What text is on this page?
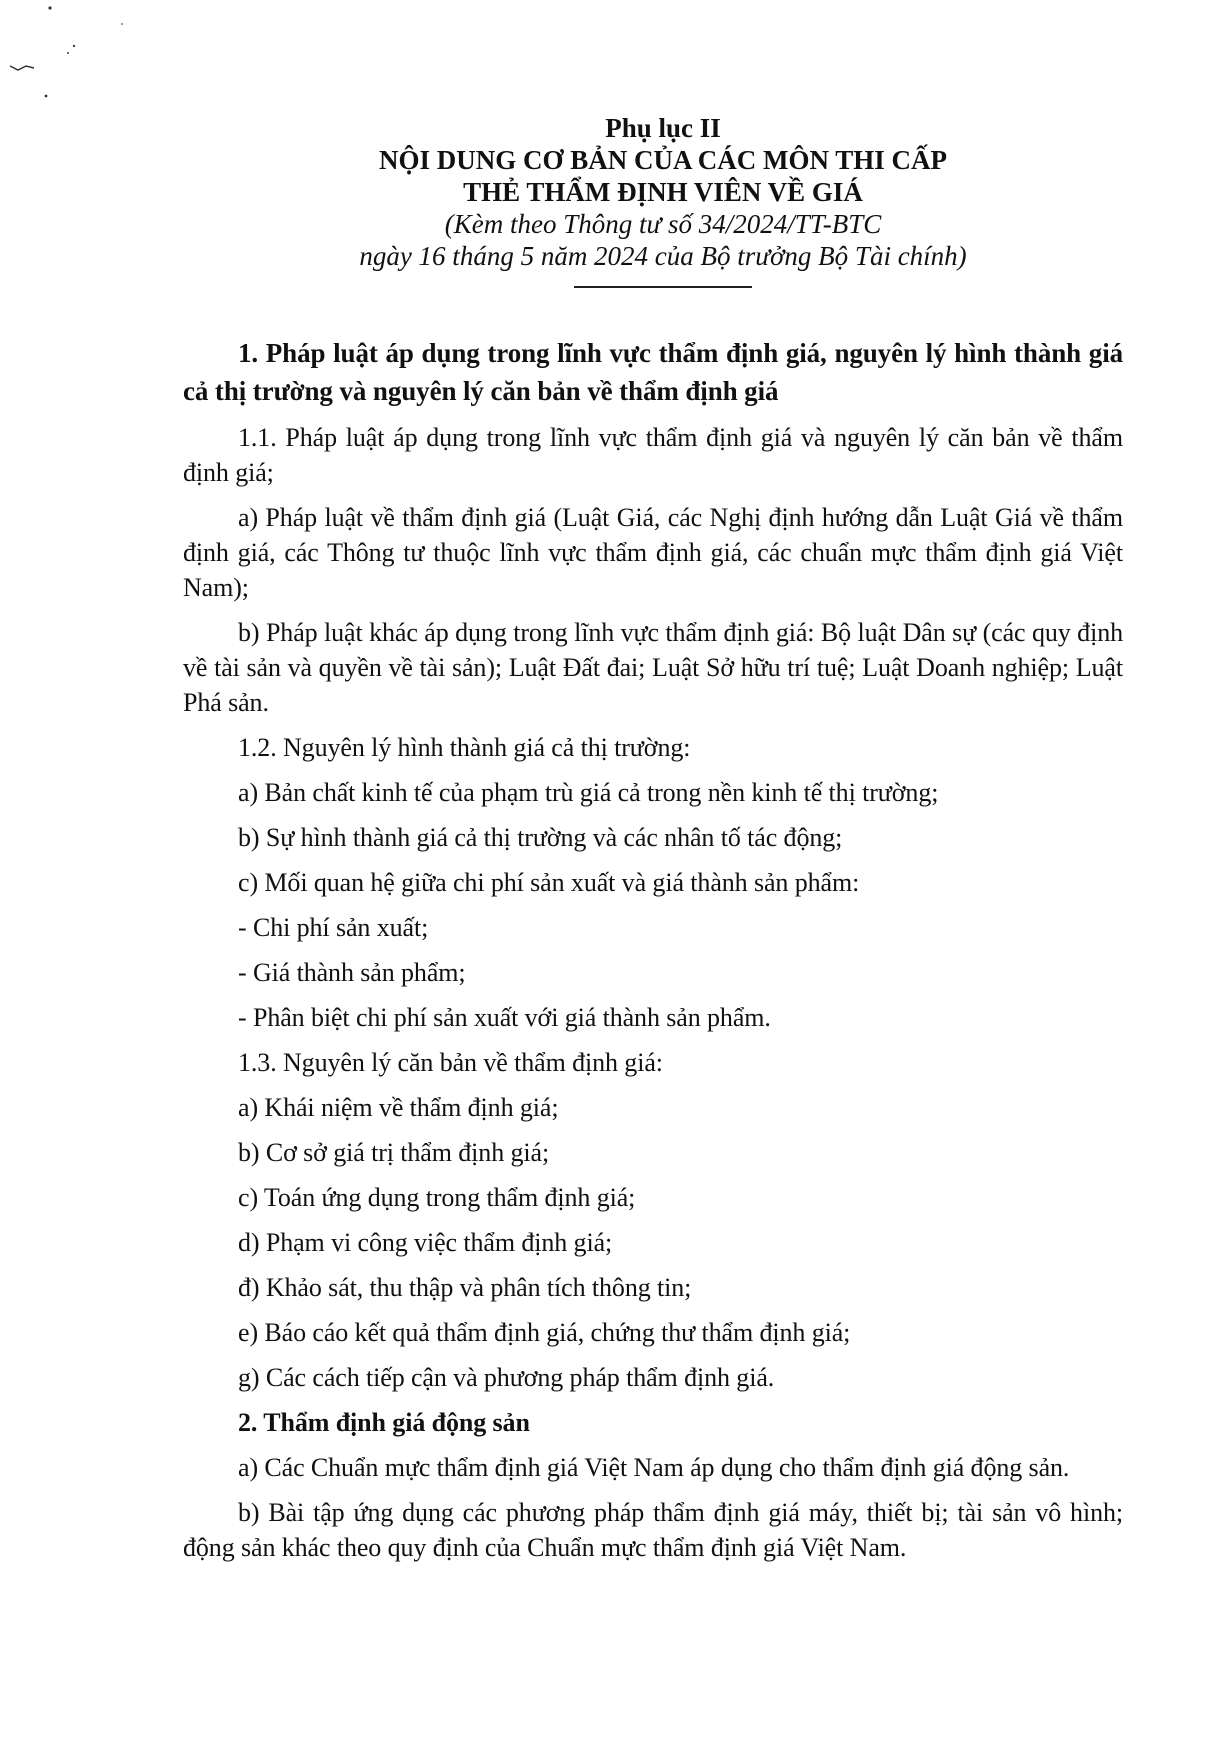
Phụ lục II
NỘI DUNG CƠ BẢN CỦA CÁC MÔN THI CẤP
THẺ THẨM ĐỊNH VIÊN VỀ GIÁ
(Kèm theo Thông tư số 34/2024/TT-BTC
ngày 16 tháng 5 năm 2024 của Bộ trưởng Bộ Tài chính)

1. Pháp luật áp dụng trong lĩnh vực thẩm định giá, nguyên lý hình thành giá cả thị trường và nguyên lý căn bản về thẩm định giá

1.1. Pháp luật áp dụng trong lĩnh vực thẩm định giá và nguyên lý căn bản về thẩm định giá;

a) Pháp luật về thẩm định giá (Luật Giá, các Nghị định hướng dẫn Luật Giá về thẩm định giá, các Thông tư thuộc lĩnh vực thẩm định giá, các chuẩn mực thẩm định giá Việt Nam);

b) Pháp luật khác áp dụng trong lĩnh vực thẩm định giá: Bộ luật Dân sự (các quy định về tài sản và quyền về tài sản); Luật Đất đai; Luật Sở hữu trí tuệ; Luật Doanh nghiệp; Luật Phá sản.

1.2. Nguyên lý hình thành giá cả thị trường:

a) Bản chất kinh tế của phạm trù giá cả trong nền kinh tế thị trường;

b) Sự hình thành giá cả thị trường và các nhân tố tác động;

c) Mối quan hệ giữa chi phí sản xuất và giá thành sản phẩm:

- Chi phí sản xuất;

- Giá thành sản phẩm;

- Phân biệt chi phí sản xuất với giá thành sản phẩm.

1.3. Nguyên lý căn bản về thẩm định giá:

a) Khái niệm về thẩm định giá;

b) Cơ sở giá trị thẩm định giá;

c) Toán ứng dụng trong thẩm định giá;

d) Phạm vi công việc thẩm định giá;

đ) Khảo sát, thu thập và phân tích thông tin;

e) Báo cáo kết quả thẩm định giá, chứng thư thẩm định giá;

g) Các cách tiếp cận và phương pháp thẩm định giá.

2. Thẩm định giá động sản

a) Các Chuẩn mực thẩm định giá Việt Nam áp dụng cho thẩm định giá động sản.

b) Bài tập ứng dụng các phương pháp thẩm định giá máy, thiết bị; tài sản vô hình; động sản khác theo quy định của Chuẩn mực thẩm định giá Việt Nam.
